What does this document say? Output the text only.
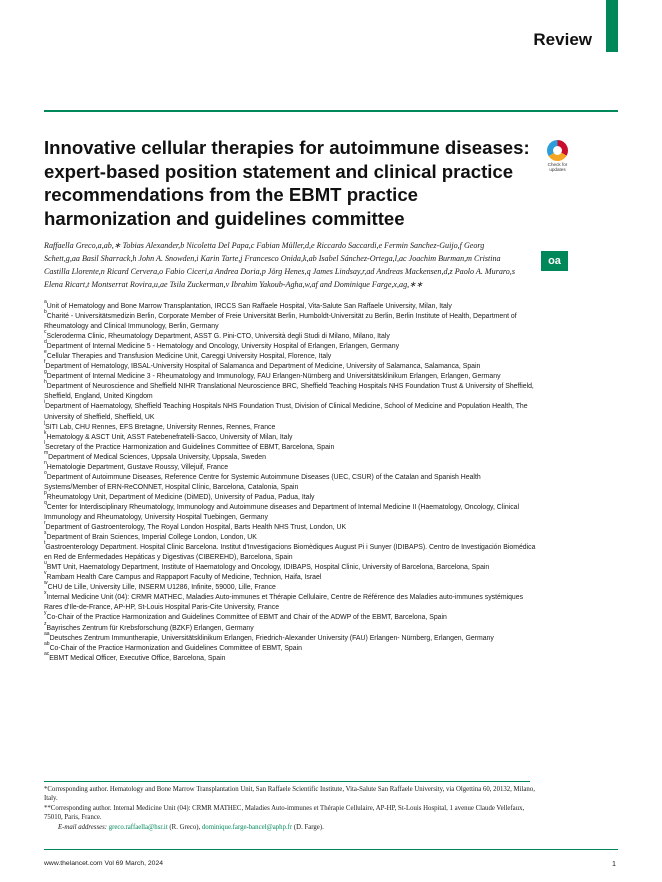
Review
Innovative cellular therapies for autoimmune diseases: expert-based position statement and clinical practice recommendations from the EBMT practice harmonization and guidelines committee
Check for updates
oa
Raffaella Greco,a,ab,∗ Tobias Alexander,b Nicoletta Del Papa,c Fabian Müller,d,e Riccardo Saccardi,e Fermin Sanchez-Guijo,f Georg Schett,g,aa Basil Sharrack,h John A. Snowden,i Karin Tarte,j Francesco Onida,k,ab Isabel Sánchez-Ortega,l,ac Joachim Burman,m Cristina Castilla Llorente,n Ricard Cervera,o Fabio Ciceri,a Andrea Doria,p Jörg Henes,q James Lindsay,r,ad Andreas Mackensen,d,z Paolo A. Muraro,s Elena Ricart,t Montserrat Rovira,u,ae Tsila Zuckerman,v Ibrahim Yakoub-Agha,w,af and Dominique Farge,x,ag,∗∗
$^a$Unit of Hematology and Bone Marrow Transplantation, IRCCS San Raffaele Hospital, Vita-Salute San Raffaele University, Milan, Italy
$^b$Charité - Universitätsmedizin Berlin, Corporate Member of Freie Universität Berlin, Humboldt-Universität zu Berlin, Berlin Institute of Health, Department of Rheumatology and Clinical Immunology, Berlin, Germany
$^c$Scleroderma Clinic, Rheumatology Department, ASST G. Pini-CTO, Università degli Studi di Milano, Milano, Italy
$^d$Department of Internal Medicine 5 - Hematology and Oncology, University Hospital of Erlangen, Erlangen, Germany
$^e$Cellular Therapies and Transfusion Medicine Unit, Careggi University Hospital, Florence, Italy
$^f$Department of Hematology, IBSAL-University Hospital of Salamanca and Department of Medicine, University of Salamanca, Salamanca, Spain
$^g$Department of Internal Medicine 3 - Rheumatology and Immunology, FAU Erlangen-Nürnberg and Universitätsklinikum Erlangen, Erlangen, Germany
$^h$Department of Neuroscience and Sheffield NIHR Translational Neuroscience BRC, Sheffield Teaching Hospitals NHS Foundation Trust & University of Sheffield, Sheffield, England, United Kingdom
$^i$Department of Haematology, Sheffield Teaching Hospitals NHS Foundation Trust, Division of Clinical Medicine, School of Medicine and Population Health, The University of Sheffield, Sheffield, UK
$^j$SITI Lab, CHU Rennes, EFS Bretagne, University Rennes, Rennes, France
$^k$Hematology & ASCT Unit, ASST Fatebenefratelli-Sacco, University of Milan, Italy
$^l$Secretary of the Practice Harmonization and Guidelines Committee of EBMT, Barcelona, Spain
$^m$Department of Medical Sciences, Uppsala University, Uppsala, Sweden
$^n$Hematologie Department, Gustave Roussy, Villejuif, France
$^o$Department of Autoimmune Diseases, Reference Centre for Systemic Autoimmune Diseases (UEC, CSUR) of the Catalan and Spanish Health Systems/Member of ERN-ReCONNET, Hospital Clínic, Barcelona, Catalonia, Spain
$^p$Rheumatology Unit, Department of Medicine (DiMED), University of Padua, Padua, Italy
$^q$Center for Interdisciplinary Rheumatology, Immunology and Autoimmune diseases and Department of Internal Medicine II (Haematology, Oncology, Clinical Immunology and Rheumatology, University Hospital Tuebingen, Germany
$^r$Department of Gastroenterology, The Royal London Hospital, Barts Health NHS Trust, London, UK
$^s$Department of Brain Sciences, Imperial College London, London, UK
$^t$Gastroenterology Department. Hospital Clinic Barcelona. Institut d'Investigacions Biomèdiques August Pi i Sunyer (IDIBAPS). Centro de Investigación Biomédica en Red de Enfermedades Hepáticas y Digestivas (CIBEREHD), Barcelona, Spain
$^u$BMT Unit, Haematology Department, Institute of Haematology and Oncology, IDIBAPS, Hospital Clinic, University of Barcelona, Barcelona, Spain
$^v$Rambam Health Care Campus and Rappaport Faculty of Medicine, Technion, Haifa, Israel
$^w$CHU de Lille, University Lille, INSERM U1286, Infinite, 59000, Lille, France
$^x$Internal Medicine Unit (04): CRMR MATHEC, Maladies Auto-immunes et Thérapie Cellulaire, Centre de Référence des Maladies auto-immunes systémiques Rares d'Ile-de-France, AP-HP, St-Louis Hospital Paris-Cite University, France
$^y$Co-Chair of the Practice Harmonization and Guidelines Committee of EBMT and Chair of the ADWP of the EBMT, Barcelona, Spain
$^z$Bayrisches Zentrum für Krebsforschung (BZKF) Erlangen, Germany
$^{aa}$Deutsches Zentrum Immuntherapie, Universitätsklinikum Erlangen, Friedrich-Alexander University (FAU) Erlangen- Nürnberg, Erlangen, Germany
$^{ab}$Co-Chair of the Practice Harmonization and Guidelines Committee of EBMT, Spain
$^{ac}$EBMT Medical Officer, Executive Office, Barcelona, Spain

*Corresponding author. Hematology and Bone Marrow Transplantation Unit, San Raffaele Scientific Institute, Vita-Salute San Raffaele University, via Olgettina 60, 20132, Milano, Italy.

**Corresponding author. Internal Medicine Unit (04): CRMR MATHEC, Maladies Auto-immunes et Thérapie Cellulaire, AP-HP, St-Louis Hospital, 1 avenue Claude Vellefaux, 75010, Paris, France.

E-mail addresses: greco.raffaella@hsr.it (R. Greco), dominique.farge-bancel@aphp.fr (D. Farge).

www.thelancet.com Vol 69 March, 2024	1
